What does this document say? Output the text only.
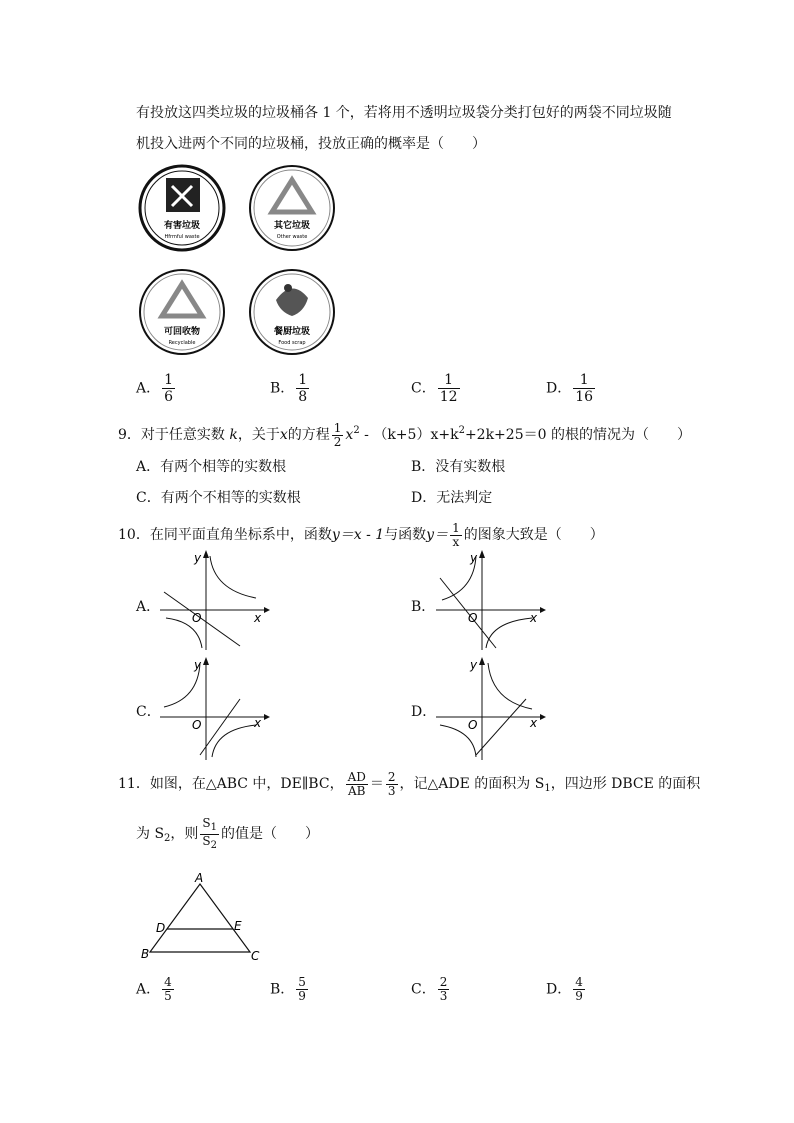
有投放这四类垃圾的垃圾桶各 1 个，若将用不透明垃圾袋分类打包好的两袋不同垃圾随
机投入进两个不同的垃圾桶，投放正确的概率是（　　）
有害垃圾
Hfrmful waste
其它垃圾
Other waste
可回收物
Recyclable
餐厨垃圾
Food scrap
A． $\frac{1}{6}$	B． $\frac{1}{8}$	C． $\frac{1}{12}$	D． $\frac{1}{16}$
9．对于任意实数 k，关于x的方程 $\frac{1}{2} x^2 - (k+5)x+k^2+2k+25=0$ 的根的情况为（　　）
A．有两个相等的实数根	B．没有实数根
C．有两个不相等的实数根	D．无法判定
10．在同平面直角坐标系中，函数y＝x - 1与函数$y= \frac{1}{x}$ 的图象大致是（　　）
A．	B．
C．	D．
y
x
O
y
x
O
y
x
O
y
x
O
11．如图，在△ABC 中，DE∥BC， $\frac{AD}{AB} = \frac{2}{3}$ ，记△ADE 的面积为 $S_1$，四边形 DBCE 的面积
为 $S_2$，则 $\frac{S_1}{S_2}$ 的值是（　　）
A
D	E
B	C
A． $\frac{4}{5}$	B． $\frac{5}{9}$	C． $\frac{2}{3}$	D． $\frac{4}{9}$
